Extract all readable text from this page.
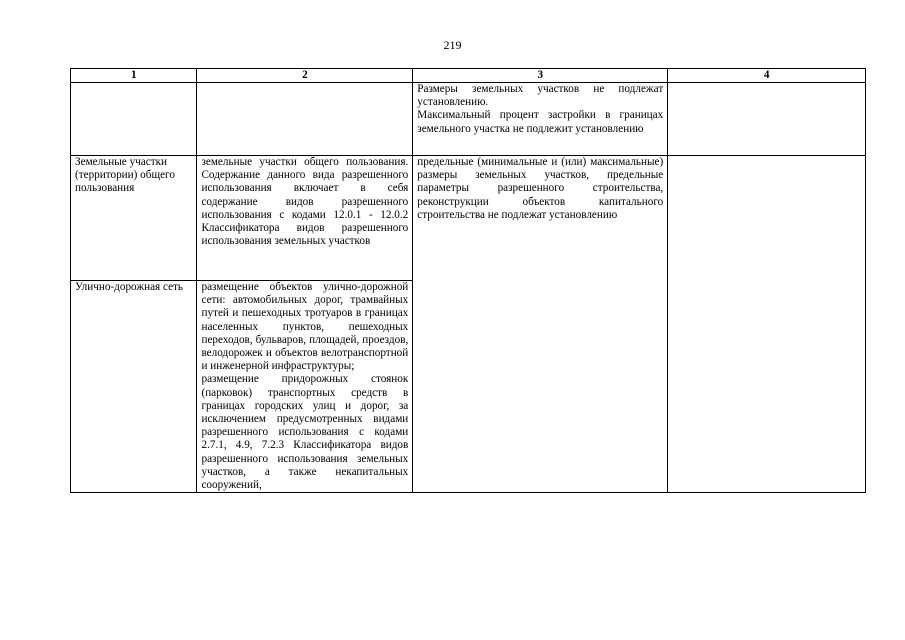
219
1	2	3	4

		Размеры земельных участков не подлежат установлению.
Максимальный процент застройки в границах земельного участка не подлежит установлению	

Земельные участки (территории) общего пользования	земельные участки общего пользования. Содержание данного вида разрешенного использования включает в себя содержание видов разрешенного использования с кодами 12.0.1 - 12.0.2 Классификатора видов разрешенного использования земельных участков	предельные (минимальные и (или) максимальные) размеры земельных участков, предельные параметры разрешенного строительства, реконструкции объектов капитального строительства не подлежат установлению	
Улично-дорожная сеть	размещение объектов улично-дорожной сети: автомобильных дорог, трамвайных путей и пешеходных тротуаров в границах населенных пунктов, пешеходных переходов, бульваров, площадей, проездов, велодорожек и объектов велотранспортной и инженерной инфраструктуры;
размещение придорожных стоянок (парковок) транспортных средств в границах городских улиц и дорог, за исключением предусмотренных видами разрешенного использования с кодами 2.7.1, 4.9, 7.2.3 Классификатора видов разрешенного использования земельных участков, а также некапитальных сооружений,		
